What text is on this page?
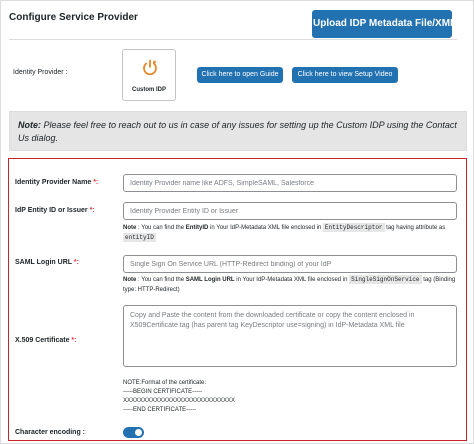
Configure Service Provider
Upload IDP Metadata File/XML
Identity Provider :
Custom IDP
Click here to open Guide	Click here to view Setup Video
Note: Please feel free to reach out to us in case of any issues for setting up the Custom IDP using the Contact Us dialog.
Identity Provider Name *:
Identity Provider name like ADFS, SimpleSAML, Salesforce
IdP Entity ID or Issuer *:
Identity Provider Entity ID or Issuer
Note : You can find the EntityID in Your IdP-Metadata XML file enclosed in EntityDescriptor tag having attribute as entityID
SAML Login URL *:
Single Sign On Service URL (HTTP-Redirect binding) of your IdP
Note : You can find the SAML Login URL in Your IdP-Metadata XML file enclosed in SingleSignOnService tag (Binding type: HTTP-Redirect)
X.509 Certificate *:
Copy and Paste the content from the downloaded certificate or copy the content enclosed in X509Certificate tag (has parent tag KeyDescriptor use=signing) in IdP-Metadata XML file
NOTE:Format of the certificate:
-----BEGIN CERTIFICATE-----
XXXXXXXXXXXXXXXXXXXXXXXXXXXX
-----END CERTIFICATE-----
Character encoding :
